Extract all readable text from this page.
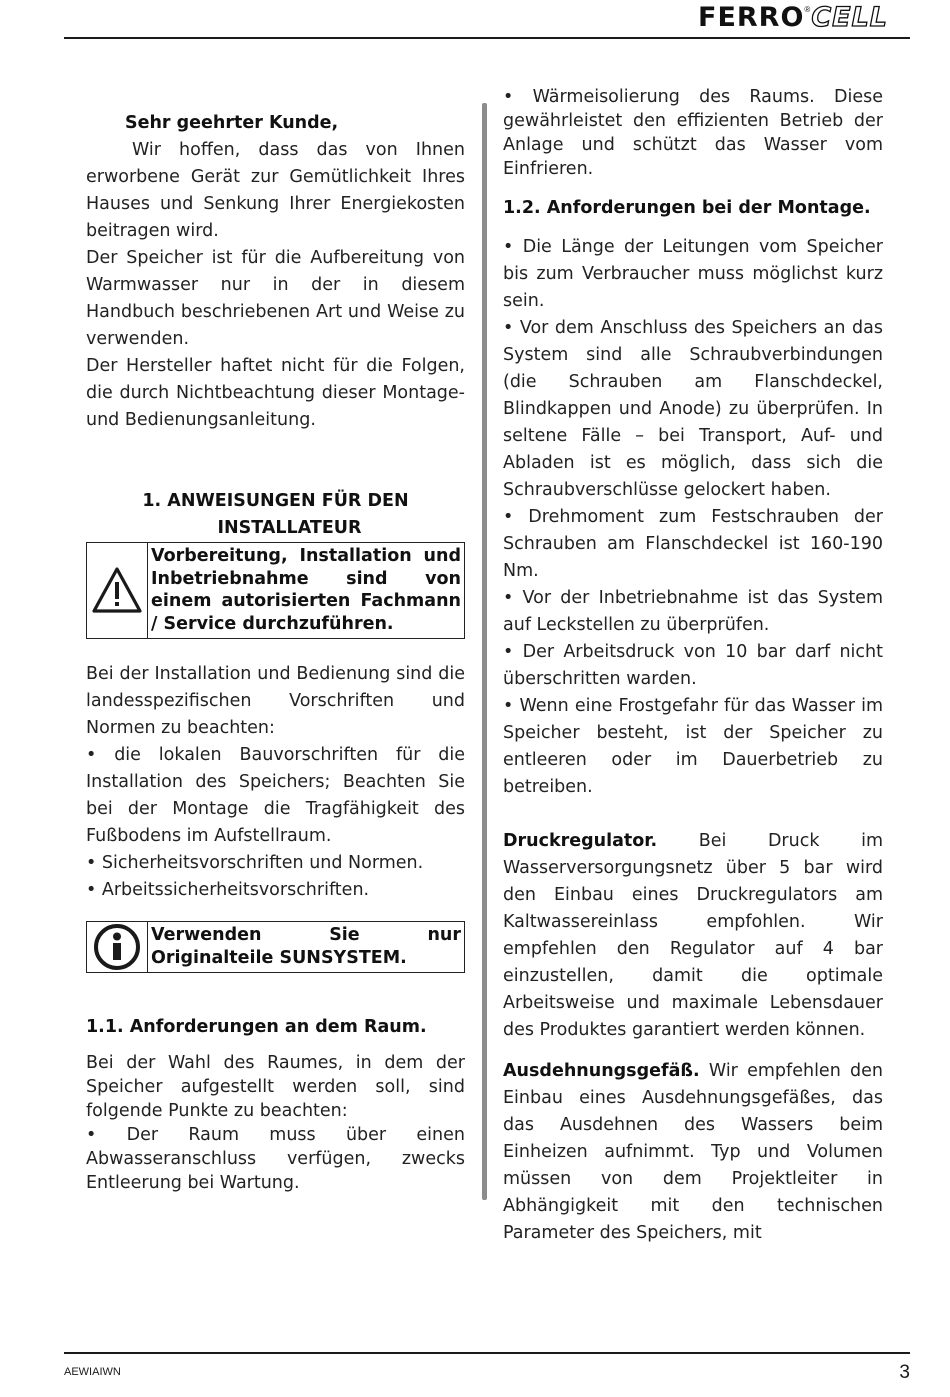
FERRO ® CELL

Sehr geehrter Kunde,

Wir hoffen, dass das von Ihnen erworbene Gerät zur Gemütlichkeit Ihres Hauses und Senkung Ihrer Energiekosten beitragen wird.

Der Speicher ist für die Aufbereitung von Warmwasser nur in der in diesem Handbuch beschriebenen Art und Weise zu verwenden.

Der Hersteller haftet nicht für die Folgen, die durch Nichtbeachtung dieser Montage- und Bedienungsanleitung.

1. ANWEISUNGEN FÜR DEN

INSTALLATEUR

Vorbereitung, Installation und Inbetriebnahme sind von einem autorisierten Fachmann / Service durchzuführen.

Bei der Installation und Bedienung sind die landesspezifischen Vorschriften und Normen zu beachten:

• die lokalen Bauvorschriften für die Installation des Speichers; Beachten Sie bei der Montage die Tragfähigkeit des Fußbodens im Aufstellraum.

• Sicherheitsvorschriften und Normen.

• Arbeitssicherheitsvorschriften.

Verwenden Sie nur Originalteile SUNSYSTEM.

1.1. Anforderungen an dem Raum.

Bei der Wahl des Raumes, in dem der Speicher aufgestellt werden soll, sind folgende Punkte zu beachten:

• Der Raum muss über einen Abwasseranschluss verfügen, zwecks Entleerung bei Wartung.

• Wärmeisolierung des Raums. Diese gewährleistet den effizienten Betrieb der Anlage und schützt das Wasser vom Einfrieren.

1.2. Anforderungen bei der Montage.

• Die Länge der Leitungen vom Speicher bis zum Verbraucher muss möglichst kurz sein.

• Vor dem Anschluss des Speichers an das System sind alle Schraubverbindungen (die Schrauben am Flanschdeckel, Blindkappen und Anode) zu überprüfen. In seltene Fälle – bei Transport, Auf- und Abladen ist es möglich, dass sich die Schraubverschlüsse gelockert haben.

• Drehmoment zum Festschrauben der Schrauben am Flanschdeckel ist 160-190 Nm.

• Vor der Inbetriebnahme ist das System auf Leckstellen zu überprüfen.

• Der Arbeitsdruck von 10 bar darf nicht überschritten warden.

• Wenn eine Frostgefahr für das Wasser im Speicher besteht, ist der Speicher zu entleeren oder im Dauerbetrieb zu betreiben.

Druckregulator. Bei Druck im Wasserversorgungsnetz über 5 bar wird den Einbau eines Druckregulators am Kaltwassereinlass empfohlen. Wir empfehlen den Regulator auf 4 bar einzustellen, damit die optimale Arbeitsweise und maximale Lebensdauer des Produktes garantiert werden können.

Ausdehnungsgefäß. Wir empfehlen den Einbau eines Ausdehnungsgefäßes, das das Ausdehnen des Wassers beim Einheizen aufnimmt. Typ und Volumen müssen von dem Projektleiter in Abhängigkeit mit den technischen Parameter des Speichers, mit

AEWIAIWN	3
